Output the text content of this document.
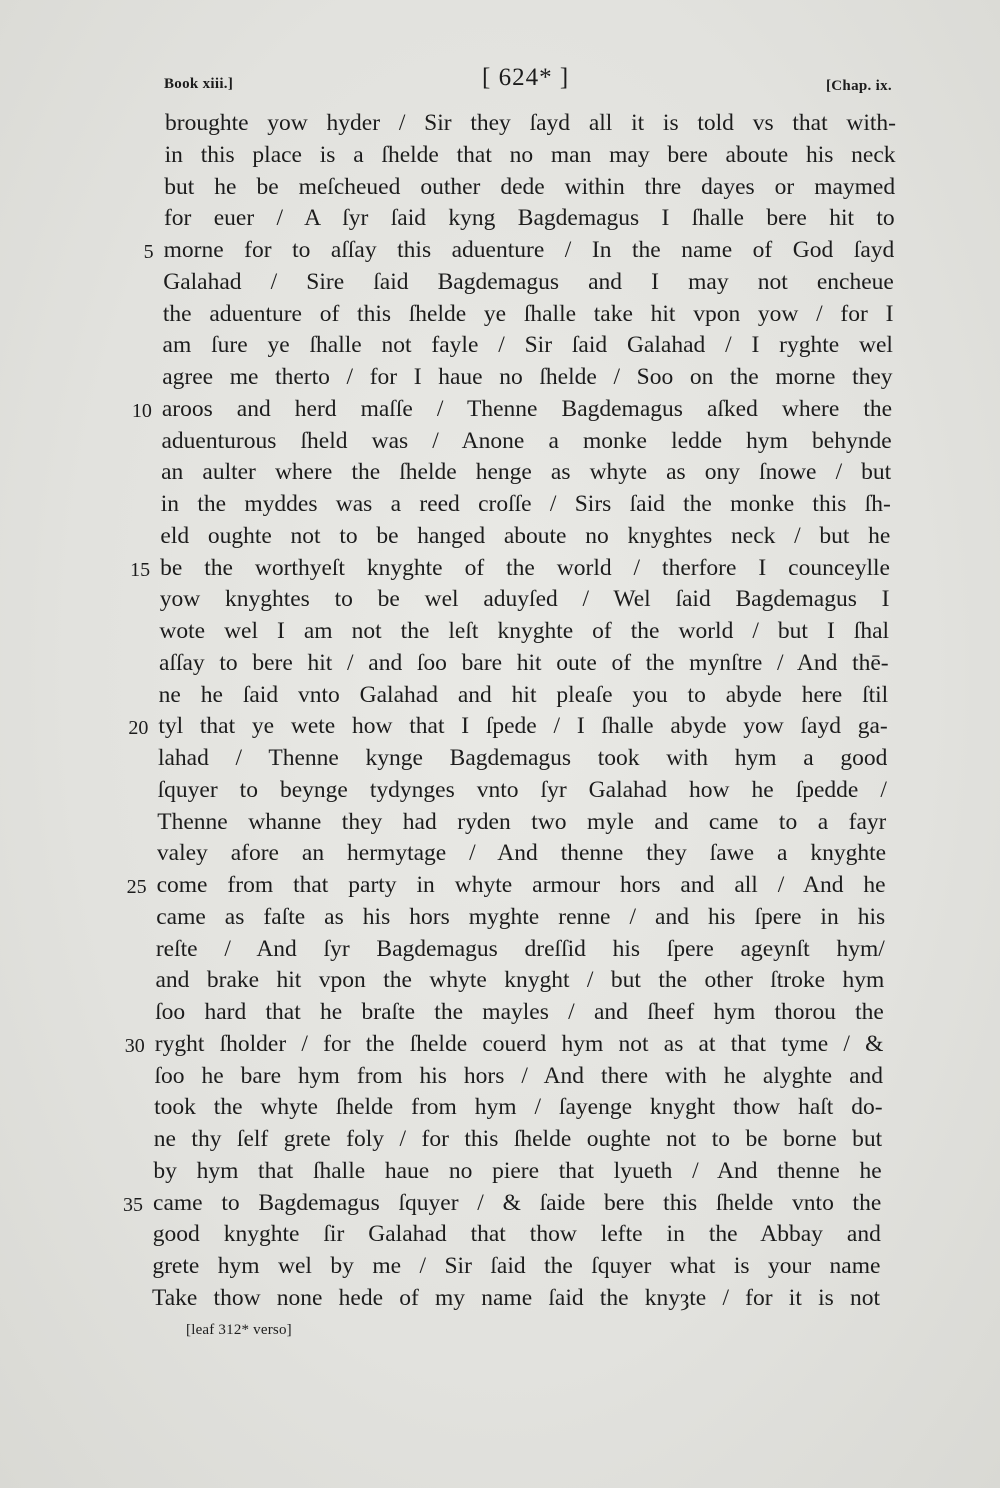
Book xiii.]	[ 624* ]	[Chap. ix.
broughte yow hyder / Sir they ſayd all it is told vs that with-
in this place is a ſhelde that no man may bere aboute his neck
but he be meſcheued outher dede within thre dayes or maymed
for euer / A ſyr ſaid kyng Bagdemagus I ſhalle bere hit to
5 morne for to aſſay this aduenture / In the name of God ſayd
Galahad / Sire ſaid Bagdemagus and I may not encheue
the aduenture of this ſhelde ye ſhalle take hit vpon yow / for I
am ſure ye ſhalle not fayle / Sir ſaid Galahad / I ryghte wel
agree me therto / for I haue no ſhelde / Soo on the morne they
10 aroos and herd maſſe / Thenne Bagdemagus aſked where the
aduenturous ſheld was / Anone a monke ledde hym behynde
an aulter where the ſhelde henge as whyte as ony ſnowe / but
in the myddes was a reed croſſe / Sirs ſaid the monke this ſh-
eld oughte not to be hanged aboute no knyghtes neck / but he
15 be the worthyeſt knyghte of the world / therfore I counceylle
yow knyghtes to be wel aduyſed / Wel ſaid Bagdemagus I
wote wel I am not the leſt knyghte of the world / but I ſhal
aſſay to bere hit / and ſoo bare hit oute of the mynſtre / And thē-
ne he ſaid vnto Galahad and hit pleaſe you to abyde here ſtil
20 tyl that ye wete how that I ſpede / I ſhalle abyde yow ſayd ga-
lahad / Thenne kynge Bagdemagus took with hym a good
ſquyer to beynge tydynges vnto ſyr Galahad how he ſpedde /
Thenne whanne they had ryden two myle and came to a fayr
valey afore an hermytage / And thenne they ſawe a knyghte
25 come from that party in whyte armour hors and all / And he
came as faſte as his hors myghte renne / and his ſpere in his
reſte / And ſyr Bagdemagus dreſſid his ſpere ageynſt hym/
and brake hit vpon the whyte knyght / but the other ſtroke hym
ſoo hard that he braſte the mayles / and ſheef hym thorou the
30 ryght ſholder / for the ſhelde couerd hym not as at that tyme / &
ſoo he bare hym from his hors / And there with he alyghte and
took the whyte ſhelde from hym / ſayenge knyght thow haſt do-
ne thy ſelf grete foly / for this ſhelde oughte not to be borne but
by hym that ſhalle haue no piere that lyueth / And thenne he
35 came to Bagdemagus ſquyer / & ſaide bere this ſhelde vnto the
good knyghte ſir Galahad that thow lefte in the Abbay and
grete hym wel by me / Sir ſaid the ſquyer what is your name
Take thow none hede of my name ſaid the knyȝte / for it is not
[leaf 312* verso]
